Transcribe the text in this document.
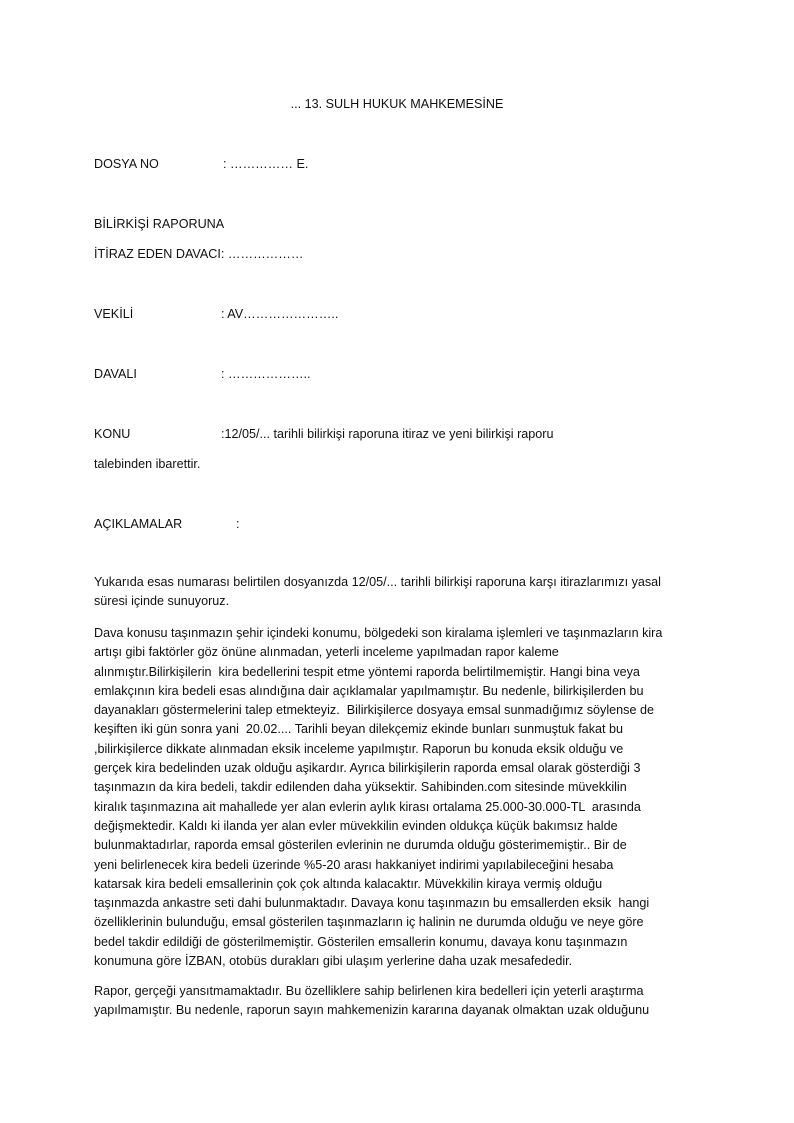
... 13. SULH HUKUK MAHKEMESİNE
DOSYA NO	: …………… E.
BİLİRKİŞİ RAPORUNA
İTİRAZ EDEN DAVACI: ………………
VEKİLİ	: AV…………………..
DAVALI	: ………………..
KONU	:12/05/... tarihli bilirkişi raporuna itiraz ve yeni bilirkişi raporu
talebinden ibarettir.
AÇIKLAMALAR	:
Yukarıda esas numarası belirtilen dosyanızda 12/05/... tarihli bilirkişi raporuna karşı itirazlarımızı yasal
süresi içinde sunuyoruz.
Dava konusu taşınmazın şehir içindeki konumu, bölgedeki son kiralama işlemleri ve taşınmazların kira
artışı gibi faktörler göz önüne alınmadan, yeterli inceleme yapılmadan rapor kaleme
alınmıştır.Bilirkişilerin  kira bedellerini tespit etme yöntemi raporda belirtilmemiştir. Hangi bina veya
emlakçının kira bedeli esas alındığına dair açıklamalar yapılmamıştır. Bu nedenle, bilirkişilerden bu
dayanakları göstermelerini talep etmekteyiz.  Bilirkişilerce dosyaya emsal sunmadığımız söylense de
keşiften iki gün sonra yani  20.02.... Tarihli beyan dilekçemiz ekinde bunları sunmuştuk fakat bu
,bilirkişilerce dikkate alınmadan eksik inceleme yapılmıştır. Raporun bu konuda eksik olduğu ve
gerçek kira bedelinden uzak olduğu aşikardır. Ayrıca bilirkişilerin raporda emsal olarak gösterdiği 3
taşınmazın da kira bedeli, takdir edilenden daha yüksektir. Sahibinden.com sitesinde müvekkilin
kiralık taşınmazına ait mahallede yer alan evlerin aylık kirası ortalama 25.000-30.000-TL  arasında
değişmektedir. Kaldı ki ilanda yer alan evler müvekkilin evinden oldukça küçük bakımsız halde
bulunmaktadırlar, raporda emsal gösterilen evlerinin ne durumda olduğu gösterimemiştir.. Bir de
yeni belirlenecek kira bedeli üzerinde %5-20 arası hakkaniyet indirimi yapılabileceğini hesaba
katarsak kira bedeli emsallerinin çok çok altında kalacaktır. Müvekkilin kiraya vermiş olduğu
taşınmazda ankastre seti dahi bulunmaktadır. Davaya konu taşınmazın bu emsallerden eksik  hangi
özelliklerinin bulunduğu, emsal gösterilen taşınmazların iç halinin ne durumda olduğu ve neye göre
bedel takdir edildiği de gösterilmemiştir. Gösterilen emsallerin konumu, davaya konu taşınmazın
konumuna göre İZBAN, otobüs durakları gibi ulaşım yerlerine daha uzak mesafededir.
Rapor, gerçeği yansıtmamaktadır. Bu özelliklere sahip belirlenen kira bedelleri için yeterli araştırma
yapılmamıştır. Bu nedenle, raporun sayın mahkemenizin kararına dayanak olmaktan uzak olduğunu
